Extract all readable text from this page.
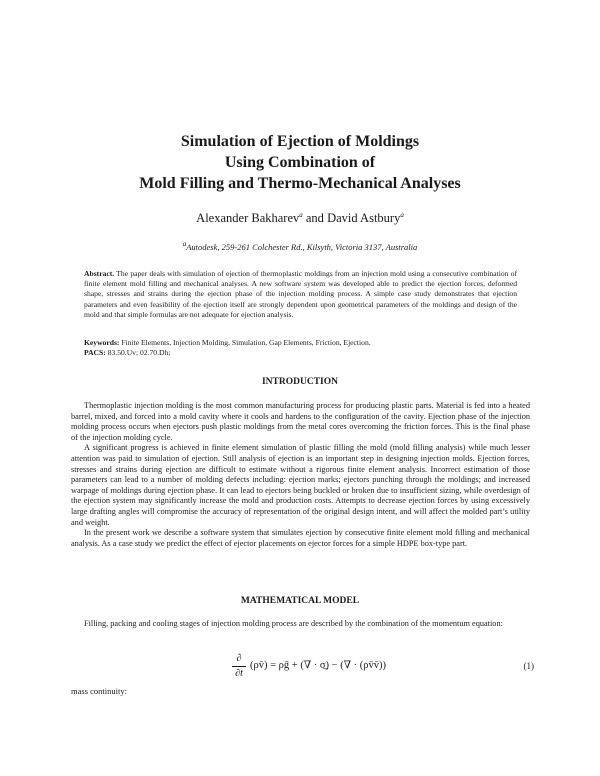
Simulation of Ejection of Moldings
Using Combination of
Mold Filling and Thermo-Mechanical Analyses
Alexander Bakharev$^a$ and David Astbury$^a$
$^a$Autodesk, 259-261 Colchester Rd., Kilsyth, Victoria 3137, Australia
Abstract. The paper deals with simulation of ejection of thermoplastic moldings from an injection mold using a consecutive combination of finite element mold filling and mechanical analyses. A new software system was developed able to predict the ejection forces, deformed shape, stresses and strains during the ejection phase of the injection molding process. A simple case study demonstrates that ejection parameters and even feasibility of the ejection itself are strongly dependent upon geometrical parameters of the moldings and design of the mold and that simple formulas are not adequate for ejection analysis.
Keywords: Finite Elements, Injection Molding, Simulation, Gap Elements, Friction, Ejection.
PACS: 83.50.Uv; 02.70.Dh;
INTRODUCTION

Thermoplastic injection molding is the most common manufacturing process for producing plastic parts. Material is fed into a heated barrel, mixed, and forced into a mold cavity where it cools and hardens to the configuration of the cavity. Ejection phase of the injection molding process occurs when ejectors push plastic moldings from the metal cores overcoming the friction forces. This is the final phase of the injection molding cycle.

A significant progress is achieved in finite element simulation of plastic filling the mold (mold filling analysis) while much lesser attention was paid to simulation of ejection. Still analysis of ejection is an important step in designing injection molds. Ejection forces, stresses and strains during ejection are difficult to estimate without a rigorous finite element analysis. Incorrect estimation of those parameters can lead to a number of molding defects including: ejection marks; ejectors punching through the moldings; and increased warpage of moldings during ejection phase. It can lead to ejectors being buckled or broken due to insufficient sizing, while overdesign of the ejection system may significantly increase the mold and production costs. Attempts to decrease ejection forces by using excessively large drafting angles will compromise the accuracy of representation of the original design intent, and will affect the molded part’s utility and weight.

In the present work we describe a software system that simulates ejection by consecutive finite element mold filling and mechanical analysis. As a case study we predict the effect of ejector placements on ejector forces for a simple HDPE box-type part.

MATHEMATICAL MODEL

Filling, packing and cooling stages of injection molding process are described by the combination of the momentum equation:

∂
∂t
(ρv̄) = ρḡ + (∇ · σ̲) − (∇ · (ρv̄v̄))	(1)
mass continuity:
